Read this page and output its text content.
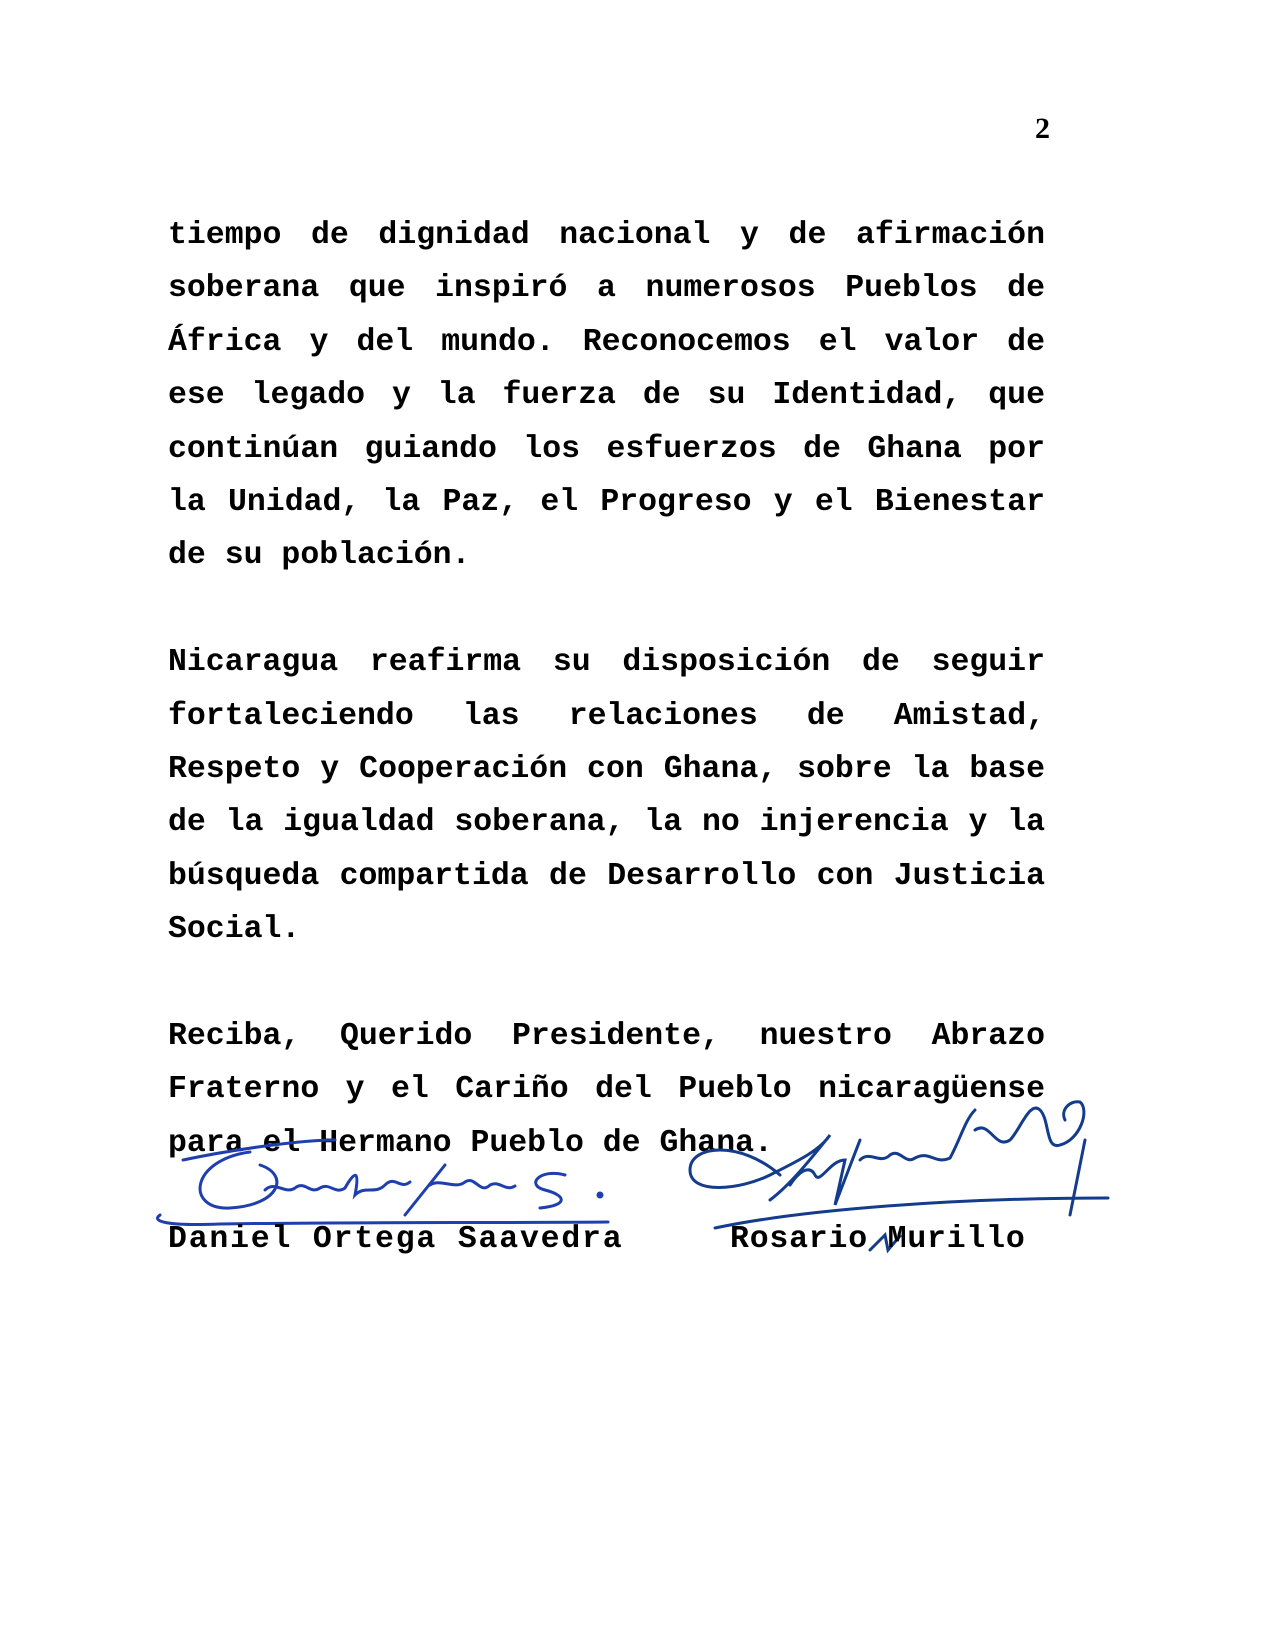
2

tiempo de dignidad nacional y de afirmación soberana que inspiró a numerosos Pueblos de África y del mundo. Reconocemos el valor de ese legado y la fuerza de su Identidad, que continúan guiando los esfuerzos de Ghana por la Unidad, la Paz, el Progreso y el Bienestar de su población.

Nicaragua reafirma su disposición de seguir fortaleciendo las relaciones de Amistad, Respeto y Cooperación con Ghana, sobre la base de la igualdad soberana, la no injerencia y la búsqueda compartida de Desarrollo con Justicia Social.

Reciba, Querido Presidente, nuestro Abrazo Fraterno y el Cariño del Pueblo nicaragüense para el Hermano Pueblo de Ghana.

Daniel Ortega Saavedra	Rosario Murillo
